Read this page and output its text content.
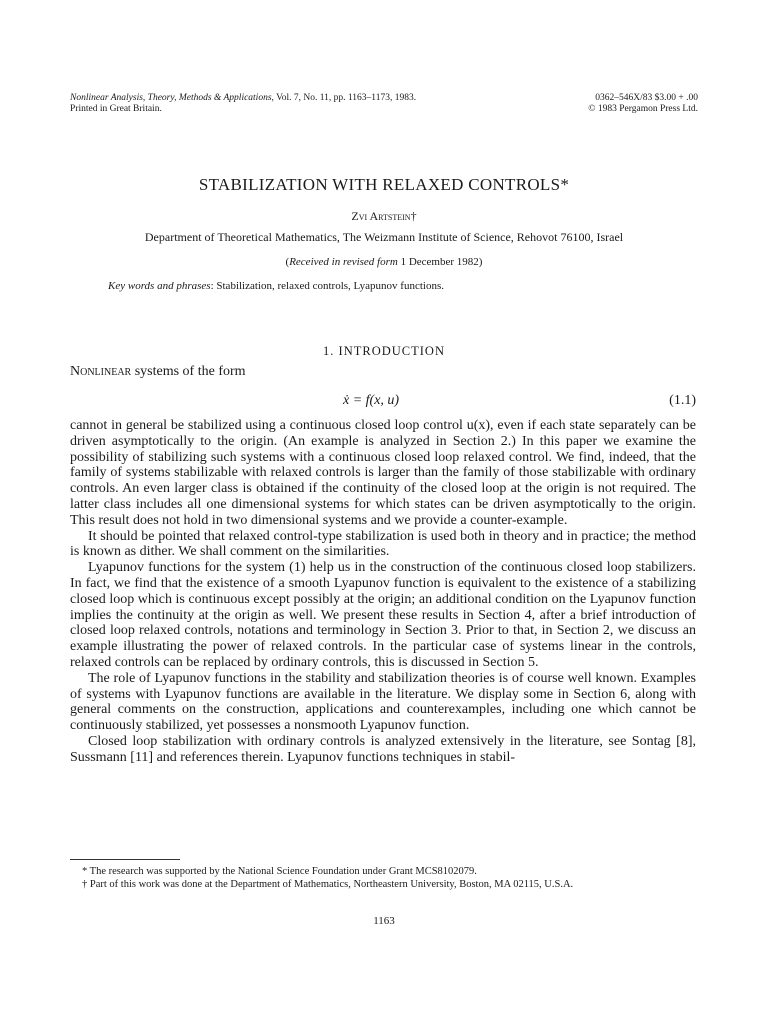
Nonlinear Analysis, Theory, Methods & Applications, Vol. 7, No. 11, pp. 1163–1173, 1983.
Printed in Great Britain.
0362–546X/83 $3.00 + .00
© 1983 Pergamon Press Ltd.
STABILIZATION WITH RELAXED CONTROLS*
Zvi Artstein†
Department of Theoretical Mathematics, The Weizmann Institute of Science, Rehovot 76100, Israel
(Received in revised form 1 December 1982)
Key words and phrases: Stabilization, relaxed controls, Lyapunov functions.
1. INTRODUCTION
Nonlinear systems of the form
ẋ = f(x, u)	(1.1)

cannot in general be stabilized using a continuous closed loop control u(x), even if each state separately can be driven asymptotically to the origin. (An example is analyzed in Section 2.) In this paper we examine the possibility of stabilizing such systems with a continuous closed loop relaxed control. We find, indeed, that the family of systems stabilizable with relaxed controls is larger than the family of those stabilizable with ordinary controls. An even larger class is obtained if the continuity of the closed loop at the origin is not required. The latter class includes all one dimensional systems for which states can be driven asymptotically to the origin. This result does not hold in two dimensional systems and we provide a counter-example.

It should be pointed that relaxed control-type stabilization is used both in theory and in practice; the method is known as dither. We shall comment on the similarities.

Lyapunov functions for the system (1) help us in the construction of the continuous closed loop stabilizers. In fact, we find that the existence of a smooth Lyapunov function is equivalent to the existence of a stabilizing closed loop which is continuous except possibly at the origin; an additional condition on the Lyapunov function implies the continuity at the origin as well. We present these results in Section 4, after a brief introduction of closed loop relaxed controls, notations and terminology in Section 3. Prior to that, in Section 2, we discuss an example illustrating the power of relaxed controls. In the particular case of systems linear in the controls, relaxed controls can be replaced by ordinary controls, this is discussed in Section 5.

The role of Lyapunov functions in the stability and stabilization theories is of course well known. Examples of systems with Lyapunov functions are available in the literature. We display some in Section 6, along with general comments on the construction, applications and counterexamples, including one which cannot be continuously stabilized, yet possesses a nonsmooth Lyapunov function.

Closed loop stabilization with ordinary controls is analyzed extensively in the literature, see Sontag [8], Sussmann [11] and references therein. Lyapunov functions techniques in stabil-

* The research was supported by the National Science Foundation under Grant MCS8102079.
† Part of this work was done at the Department of Mathematics, Northeastern University, Boston, MA 02115, U.S.A.
1163
